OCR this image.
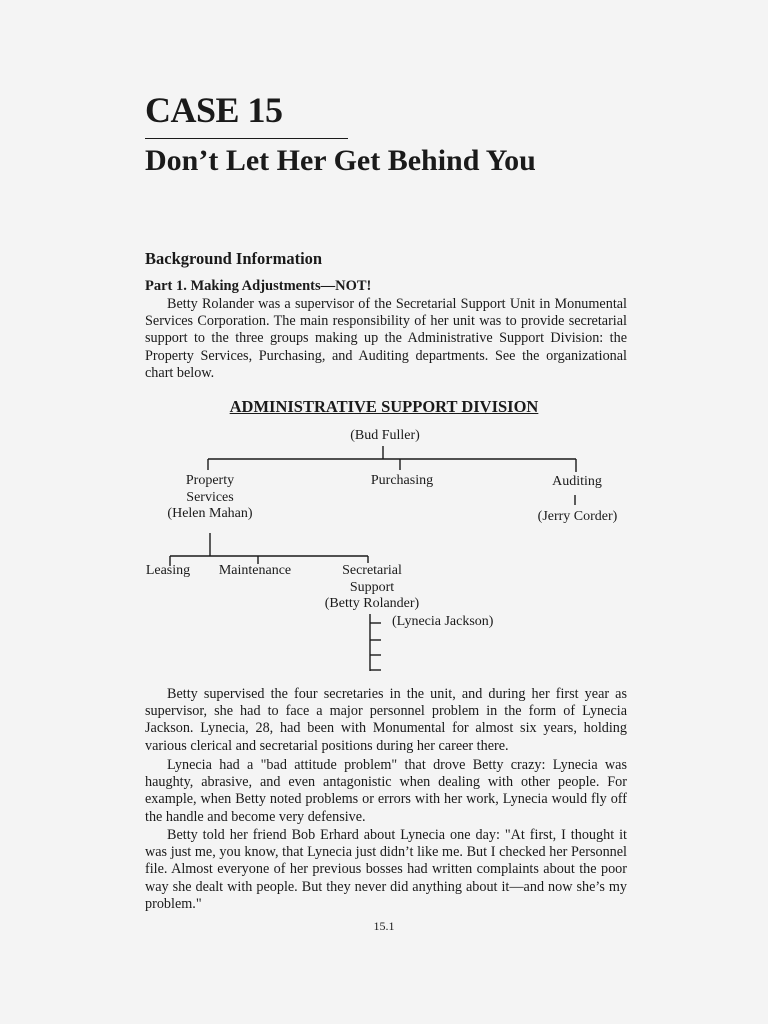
CASE 15
Don’t Let Her Get Behind You
Background Information
Part 1. Making Adjustments—NOT!

Betty Rolander was a supervisor of the Secretarial Support Unit in Monumental Services Corporation. The main responsibility of her unit was to provide secretarial support to the three groups making up the Administrative Support Division: the Property Services, Purchasing, and Auditing departments. See the organizational chart below.

ADMINISTRATIVE SUPPORT DIVISION
(Bud Fuller)
Property
Services
(Helen Mahan)
Purchasing	Auditing
(Jerry Corder)
Leasing	Maintenance	Secretarial
Support
(Betty Rolander)
(Lynecia Jackson)

Betty supervised the four secretaries in the unit, and during her first year as supervisor, she had to face a major personnel problem in the form of Lynecia Jackson. Lynecia, 28, had been with Monumental for almost six years, holding various clerical and secretarial positions during her career there.

Lynecia had a "bad attitude problem" that drove Betty crazy: Lynecia was haughty, abrasive, and even antagonistic when dealing with other people. For example, when Betty noted problems or errors with her work, Lynecia would fly off the handle and become very defensive.

Betty told her friend Bob Erhard about Lynecia one day: "At first, I thought it was just me, you know, that Lynecia just didn’t like me. But I checked her Personnel file. Almost everyone of her previous bosses had written complaints about the poor way she dealt with people. But they never did anything about it—and now she’s my problem."

15.1
